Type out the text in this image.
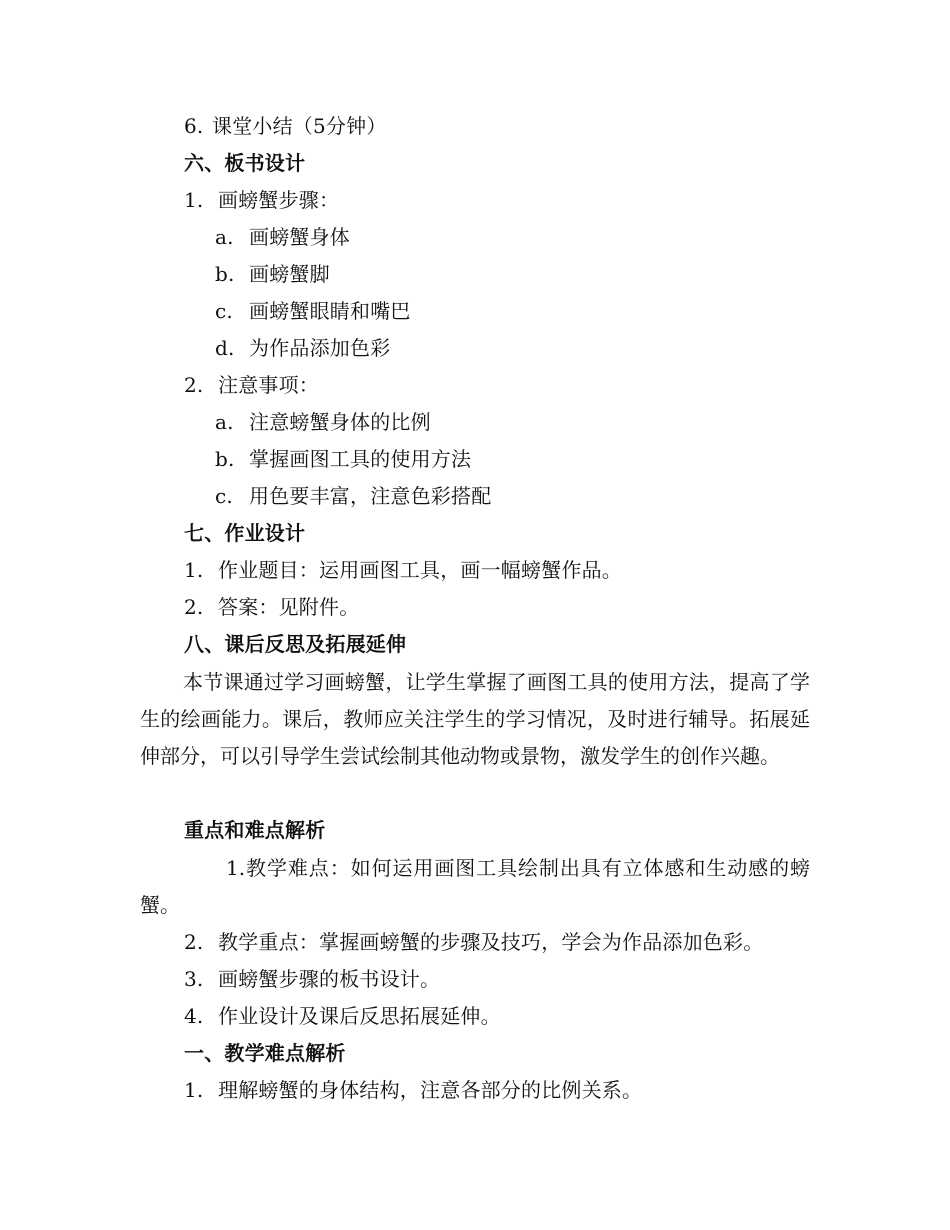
6. 课堂小结（5分钟）
六、板书设计
1. 画螃蟹步骤：
a. 画螃蟹身体
b. 画螃蟹脚
c. 画螃蟹眼睛和嘴巴
d. 为作品添加色彩
2. 注意事项：
a. 注意螃蟹身体的比例
b. 掌握画图工具的使用方法
c. 用色要丰富，注意色彩搭配
七、作业设计
1. 作业题目：运用画图工具，画一幅螃蟹作品。
2. 答案：见附件。
八、课后反思及拓展延伸
本节课通过学习画螃蟹，让学生掌握了画图工具的使用方法，提高了学生的绘画能力。课后，教师应关注学生的学习情况，及时进行辅导。拓展延伸部分，可以引导学生尝试绘制其他动物或景物，激发学生的创作兴趣。
重点和难点解析
1.教学难点：如何运用画图工具绘制出具有立体感和生动感的螃蟹。
2. 教学重点：掌握画螃蟹的步骤及技巧，学会为作品添加色彩。
3. 画螃蟹步骤的板书设计。
4. 作业设计及课后反思拓展延伸。
一、教学难点解析
1. 理解螃蟹的身体结构，注意各部分的比例关系。
